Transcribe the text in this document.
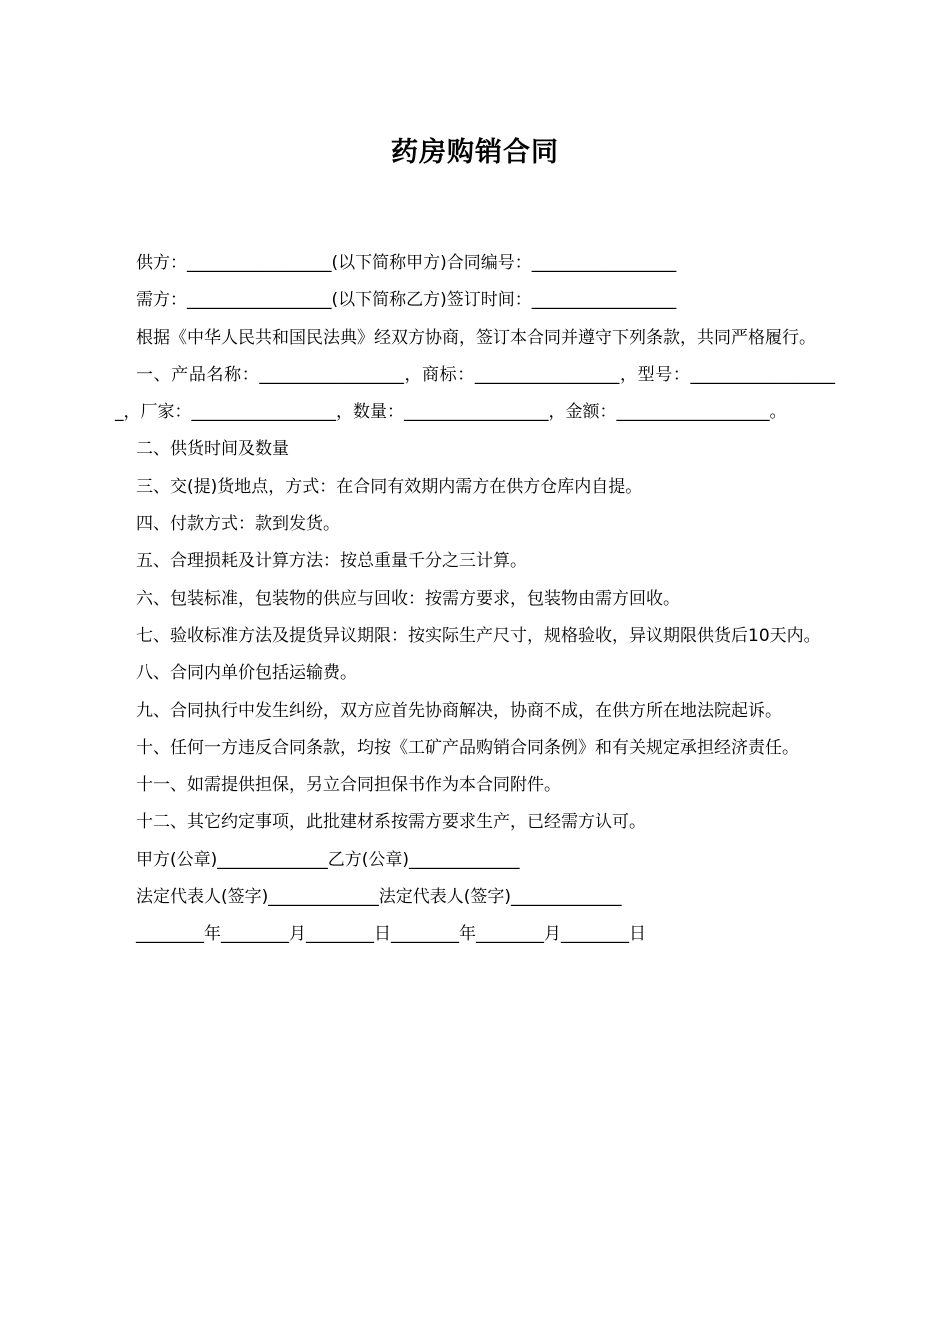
药房购销合同

供方：_________________(以下简称甲方)合同编号：_________________

需方：_________________(以下简称乙方)签订时间：_________________

根据《中华人民共和国民法典》经双方协商，签订本合同并遵守下列条款，共同严格履行。

一、产品名称：_________________，商标：_________________，型号：__________________，厂家：_________________，数量：_________________，金额：__________________。

二、供货时间及数量

三、交(提)货地点，方式：在合同有效期内需方在供方仓库内自提。

四、付款方式：款到发货。

五、合理损耗及计算方法：按总重量千分之三计算。

六、包装标准，包装物的供应与回收：按需方要求，包装物由需方回收。

七、验收标准方法及提货异议期限：按实际生产尺寸，规格验收，异议期限供货后10天内。

八、合同内单价包括运输费。

九、合同执行中发生纠纷，双方应首先协商解决，协商不成，在供方所在地法院起诉。

十、任何一方违反合同条款，均按《工矿产品购销合同条例》和有关规定承担经济责任。

十一、如需提供担保，另立合同担保书作为本合同附件。

十二、其它约定事项，此批建材系按需方要求生产，已经需方认可。

甲方(公章)_____________乙方(公章)_____________

法定代表人(签字)_____________法定代表人(签字)_____________

________年________月________日________年________月________日
